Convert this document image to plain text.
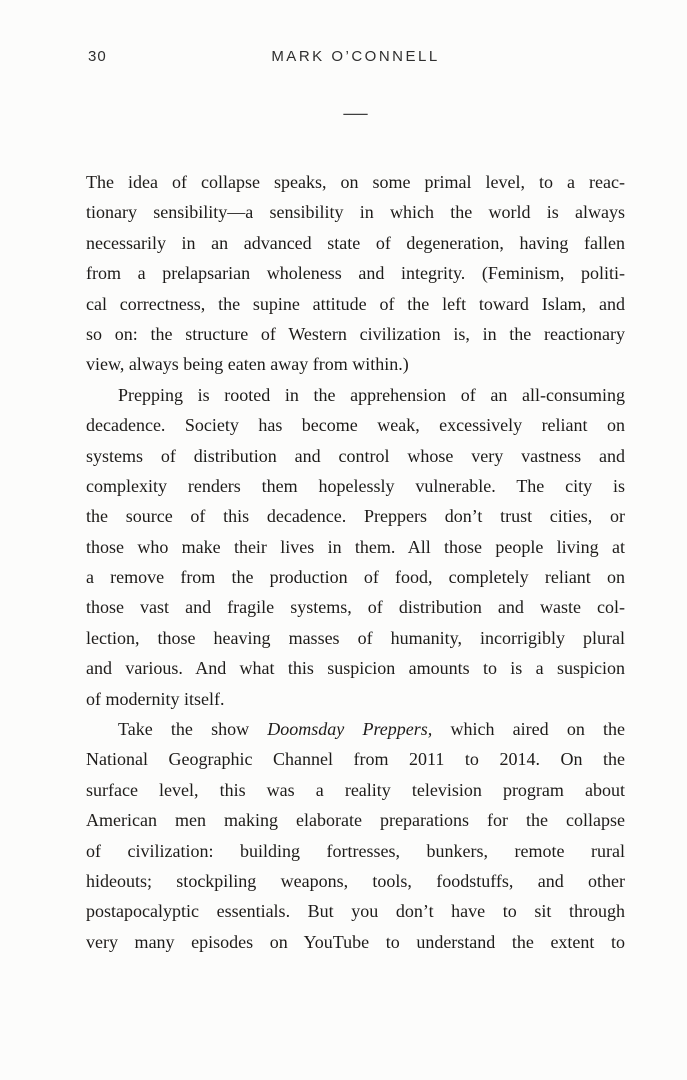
30	MARK O’CONNELL
—
The idea of collapse speaks, on some primal level, to a reac-
tionary sensibility—a sensibility in which the world is always
necessarily in an advanced state of degeneration, having fallen
from a prelapsarian wholeness and integrity. (Feminism, politi-
cal correctness, the supine attitude of the left toward Islam, and
so on: the structure of Western civilization is, in the reactionary
view, always being eaten away from within.)
Prepping is rooted in the apprehension of an all-consuming
decadence. Society has become weak, excessively reliant on
systems of distribution and control whose very vastness and
complexity renders them hopelessly vulnerable. The city is
the source of this decadence. Preppers don’t trust cities, or
those who make their lives in them. All those people living at
a remove from the production of food, completely reliant on
those vast and fragile systems, of distribution and waste col-
lection, those heaving masses of humanity, incorrigibly plural
and various. And what this suspicion amounts to is a suspicion
of modernity itself.
Take the show Doomsday Preppers, which aired on the
National Geographic Channel from 2011 to 2014. On the
surface level, this was a reality television program about
American men making elaborate preparations for the collapse
of civilization: building fortresses, bunkers, remote rural
hideouts; stockpiling weapons, tools, foodstuffs, and other
postapocalyptic essentials. But you don’t have to sit through
very many episodes on YouTube to understand the extent to
